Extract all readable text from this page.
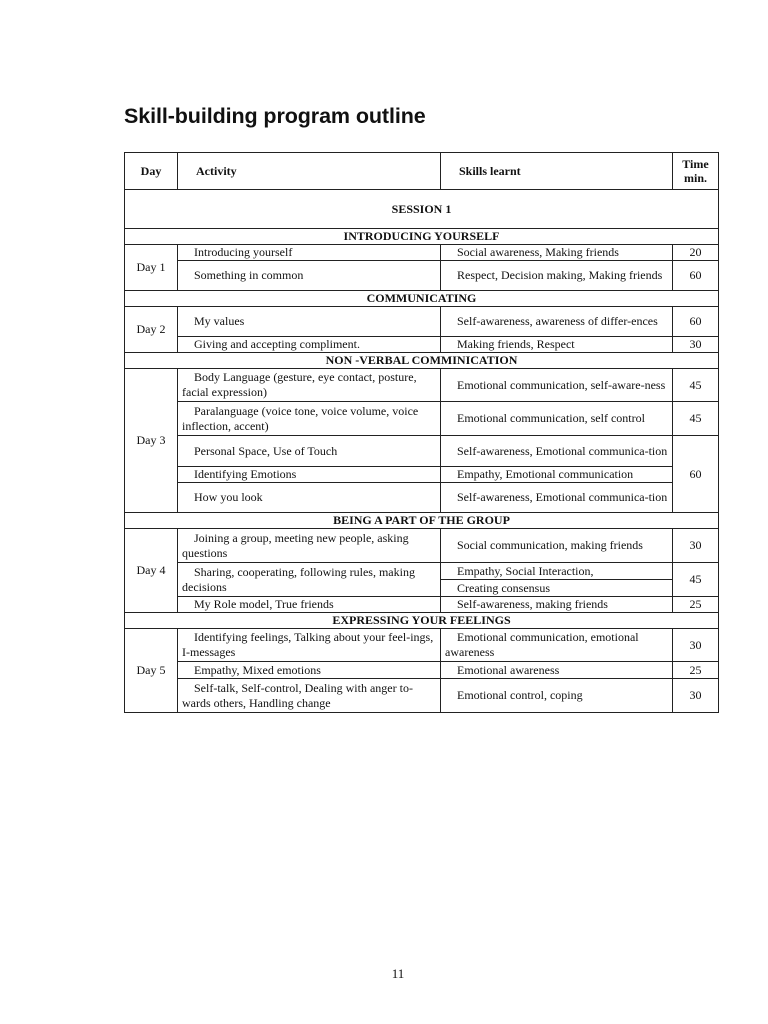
Skill-building program outline
Day	Activity	Skills learnt	Time
min.
SESSION 1			
INTRODUCING YOURSELF			
Day 1	Introducing yourself	Social awareness, Making friends	20
	Something in common	Respect, Decision making, Making friends	60
COMMUNICATING			
Day 2	My values	Self-awareness, awareness of differ-ences	60
	Giving and accepting compliment.	Making friends, Respect	30
NON -VERBAL COMMINICATION			
Day 3	Body Language (gesture, eye contact, posture, facial expression)	Emotional communication, self-aware-ness	45
	Paralanguage (voice tone, voice volume, voice inflection, accent)	Emotional communication, self control	45
	Personal Space, Use of Touch	Self-awareness, Emotional communica-tion	60
	Identifying Emotions	Empathy, Emotional communication	
	How you look	Self-awareness, Emotional communica-tion	
BEING A PART OF THE GROUP			
Day 4	Joining a group, meeting new people, asking questions	Social communication, making friends	30
	Sharing, cooperating, following rules, making decisions	Empathy, Social Interaction,	45
		Creating consensus	
	My Role model, True friends	Self-awareness, making friends	25
EXPRESSING YOUR FEELINGS			
Day 5	Identifying feelings, Talking about your feel-ings, I-messages	Emotional communication, emotional awareness	30
	Empathy, Mixed emotions	Emotional awareness	25
	Self-talk, Self-control, Dealing with anger to-wards others, Handling change	Emotional control, coping	30
11
